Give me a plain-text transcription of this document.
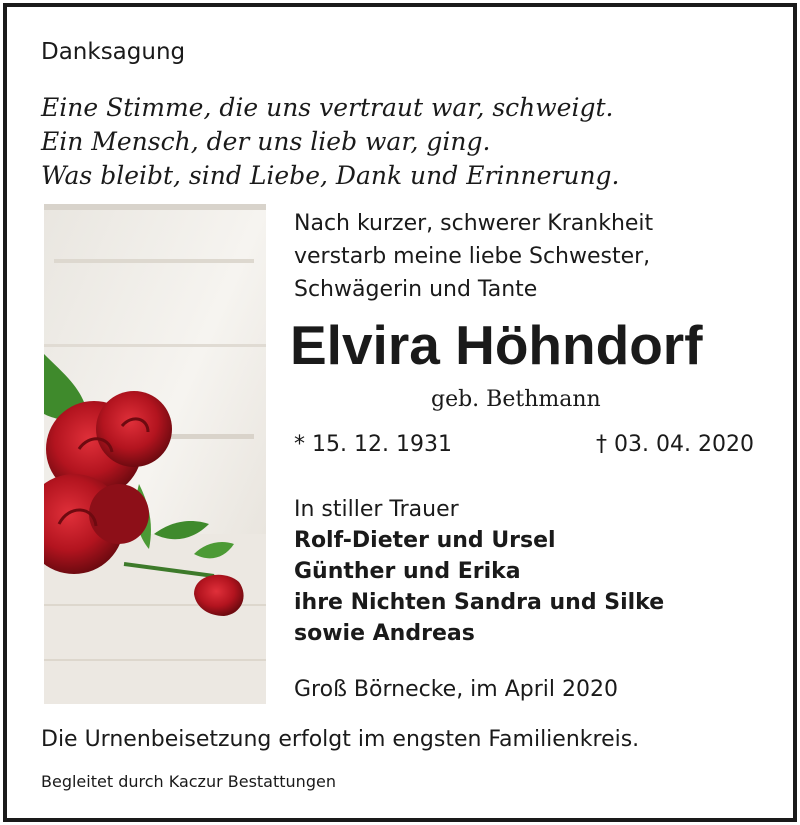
Danksagung
Eine Stimme, die uns vertraut war, schweigt.
Ein Mensch, der uns lieb war, ging.
Was bleibt, sind Liebe, Dank und Erinnerung.
Nach kurzer, schwerer Krankheit
verstarb meine liebe Schwester,
Schwägerin und Tante
Elvira Höhndorf
geb. Bethmann
* 15. 12. 1931	† 03. 04. 2020
In stiller Trauer
Rolf-Dieter und Ursel
Günther und Erika
ihre Nichten Sandra und Silke
sowie Andreas
Groß Börnecke, im April 2020
Die Urnenbeisetzung erfolgt im engsten Familienkreis.
Begleitet durch Kaczur Bestattungen
